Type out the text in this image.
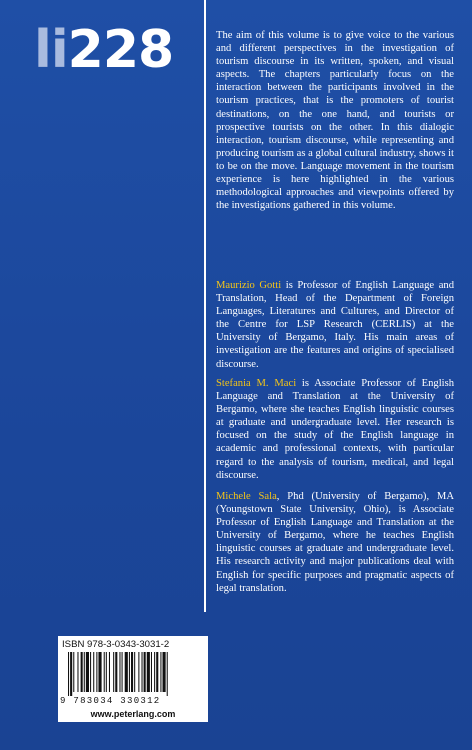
li228	The aim of this volume is to give voice to the various and different perspectives in the investigation of tourism discourse in its written, spoken, and visual aspects. The chapters particularly focus on the interaction between the participants involved in the tourism practices, that is the promoters of tourist destinations, on the one hand, and tourists or prospective tourists on the other. In this dialogic interaction, tourism discourse, while representing and producing tourism as a global cultural industry, shows it to be on the move. Language movement in the tourism experience is here highlighted in the various methodological approaches and viewpoints offered by the investigations gathered in this volume.
Maurizio Gotti is Professor of English Language and Translation, Head of the Department of Foreign Languages, Literatures and Cultures, and Director of the Centre for LSP Research (CERLIS) at the University of Bergamo, Italy. His main areas of investigation are the features and origins of specialised discourse.
Stefania M. Maci is Associate Professor of English Language and Translation at the University of Bergamo, where she teaches English linguistic courses at graduate and undergraduate level. Her research is focused on the study of the English language in academic and professional contexts, with particular regard to the analysis of tourism, medical, and legal discourse.
Michele Sala, Phd (University of Bergamo), MA (Youngstown State University, Ohio), is Associate Professor of English Language and Translation at the University of Bergamo, where he teaches English linguistic courses at graduate and undergraduate level. His research activity and major publications deal with English for specific purposes and pragmatic aspects of legal translation.
ISBN 978-3-0343-3031-2
9 783034 330312
www.peterlang.com
